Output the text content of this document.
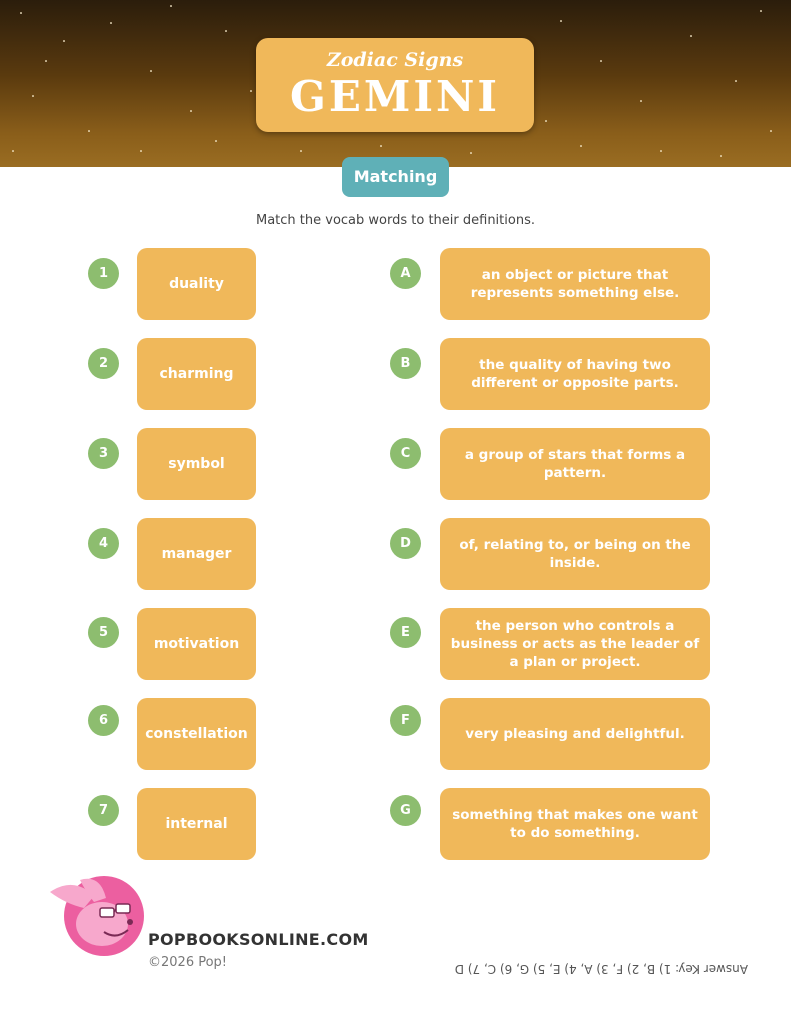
Zodiac Signs
GEMINI
Matching
Match the vocab words to their definitions.
1
duality
A	an object or picture that represents something else.
2
charming
B	the quality of having two different or opposite parts.
3
symbol
C	a group of stars that forms a pattern.
4
manager
D	of, relating to, or being on the inside.
5
motivation
E	the person who controls a business or acts as the leader of a plan or project.
6
constellation
F
very pleasing and delightful.
7
internal
G	something that makes one want to do something.
POPBOOKSONLINE.COM
©2026 Pop!	Answer Key: 1) B, 2) F, 3) A, 4) E, 5) G, 6) C, 7) D
